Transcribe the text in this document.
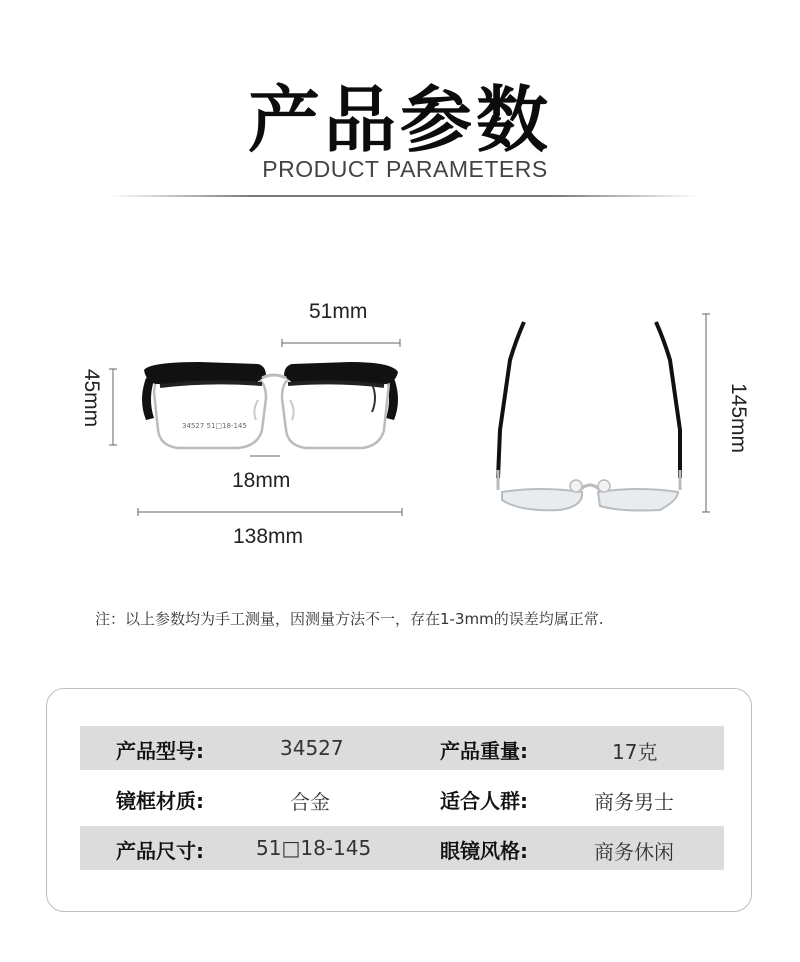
产品参数
PRODUCT PARAMETERS
34527 51□18-145
51mm
45mm
18mm
138mm
145mm
注：以上参数均为手工测量，因测量方法不一，存在1-3mm的误差均属正常.
产品型号:	34527	产品重量:	17克
镜框材质:	合金	适合人群:	商务男士
产品尺寸:	51□18-145	眼镜风格:	商务休闲
